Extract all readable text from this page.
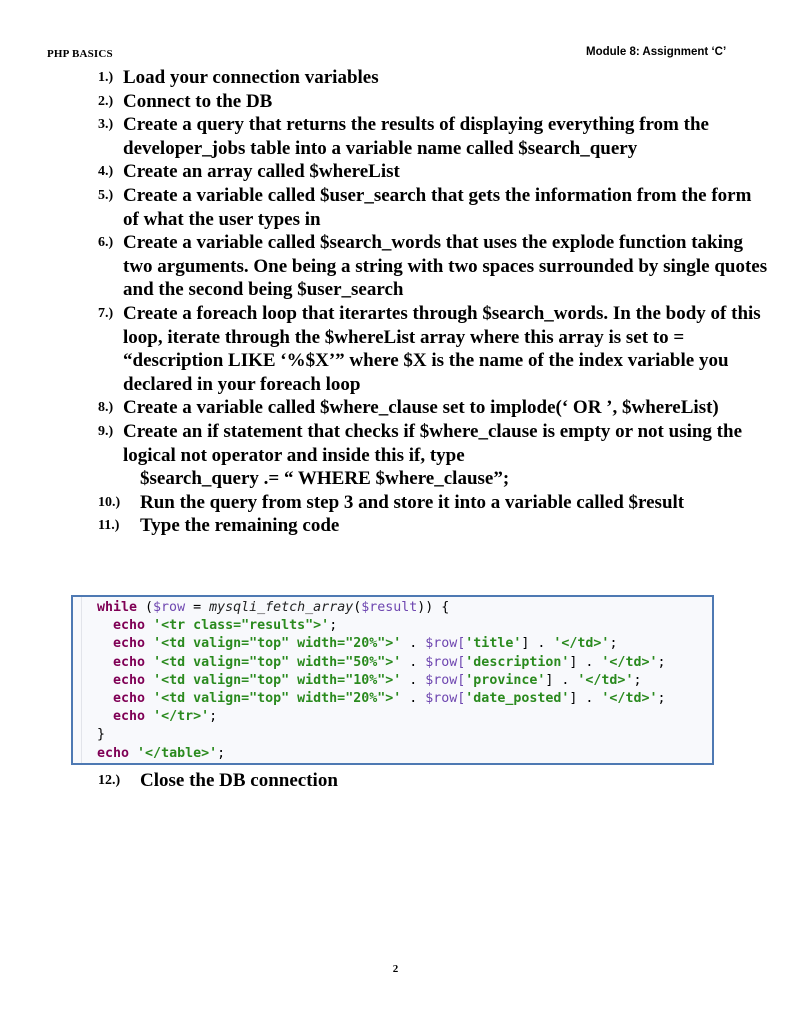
PHP BASICS	Module 8: Assignment ‘C’
1.) Load your connection variables
2.) Connect to the DB
3.) Create a query that returns the results of displaying everything from the developer_jobs table into a variable name called $search_query
4.) Create an array called $whereList
5.) Create a variable called $user_search that gets the information from the form of what the user types in
6.) Create a variable called $search_words that uses the explode function taking two arguments. One being a string with two spaces surrounded by single quotes and the second being $user_search
7.) Create a foreach loop that iterartes through $search_words. In the body of this loop, iterate through the $whereList array where this array is set to = “description LIKE ‘%$X’” where $X is the name of the index variable you declared in your foreach loop
8.) Create a variable called $where_clause set to implode(‘ OR ’, $whereList)
9.) Create an if statement that checks if $where_clause is empty or not using the logical not operator and inside this if, type
$search_query .= “ WHERE $where_clause”;
10.) Run the query from step 3 and store it into a variable called $result
11.) Type the remaining code
while ($row = mysqli_fetch_array($result)) {
echo '<tr class="results">';
echo '<td valign="top" width="20%">' . $row['title'] . '</td>';
echo '<td valign="top" width="50%">' . $row['description'] . '</td>';
echo '<td valign="top" width="10%">' . $row['province'] . '</td>';
echo '<td valign="top" width="20%">' . $row['date_posted'] . '</td>';
echo '</tr>';
}
echo '</table>';
12.) Close the DB connection
2
